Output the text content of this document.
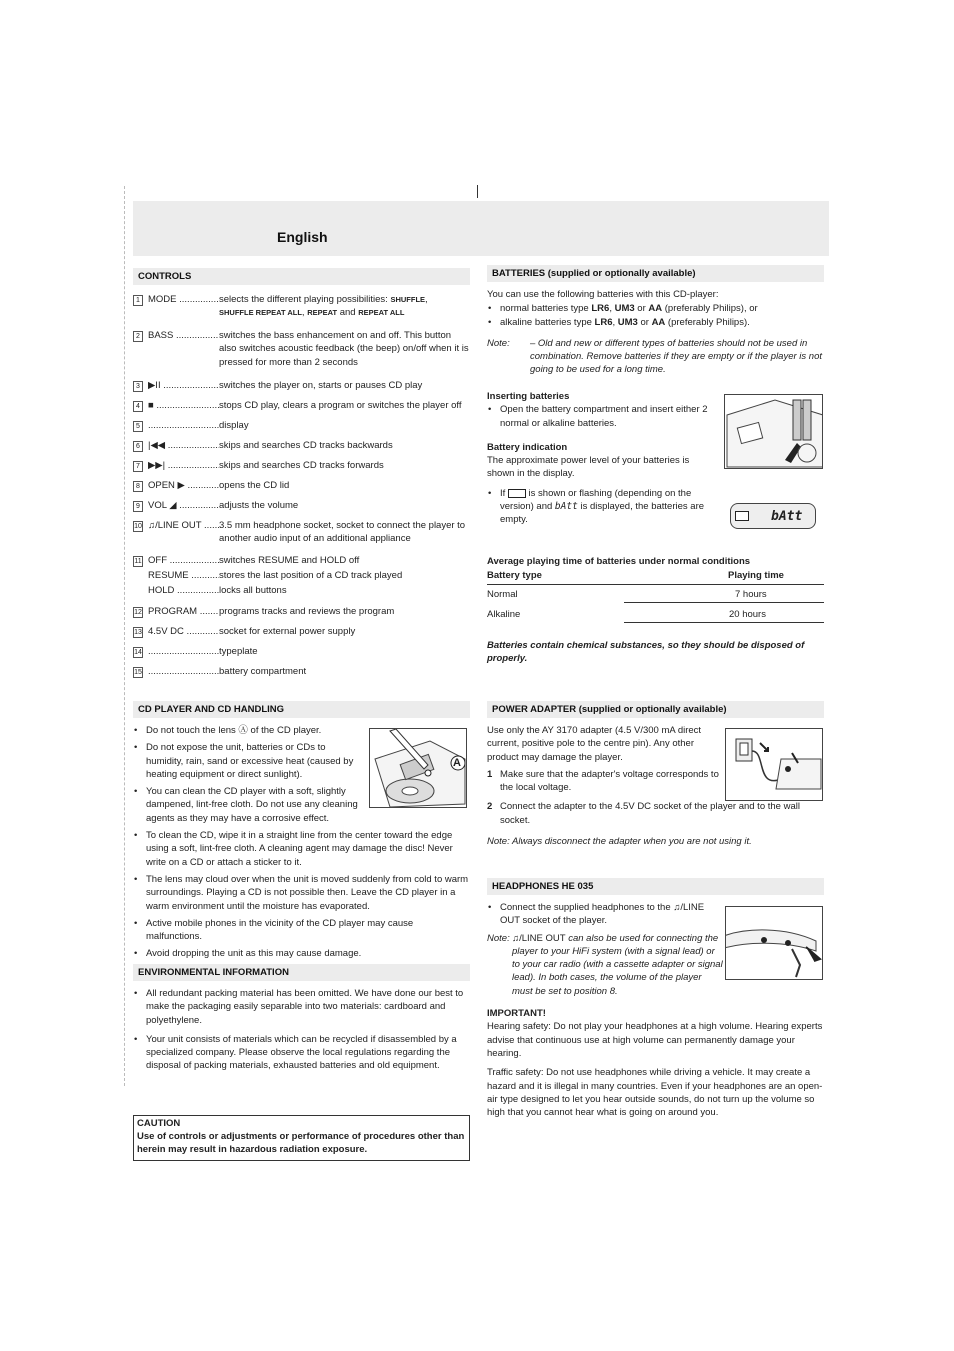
English
CONTROLS
1 MODE .....	selects the different playing possibilities: SHUFFLE,
SHUFFLE REPEAT ALL, REPEAT and REPEAT ALL
2 BASS .....	switches the bass enhancement on and off. This button also switches acoustic feedback (the beep) on/off when it is pressed for more than 2 seconds
3 ▶II .....	switches the player on, starts or pauses CD play
4 ■ .....	stops CD play, clears a program or switches the player off
5 .....	display
6 |◀◀ .....	skips and searches CD tracks backwards
7 ▶▶| .....	skips and searches CD tracks forwards
8 OPEN ▶ .....	opens the CD lid
9 VOL ◢ .....	adjusts the volume
10 ♫/LINE OUT .....	3.5 mm headphone socket, socket to connect the player to another audio input of an additional appliance
11 OFF .....	switches RESUME and HOLD off
RESUME .....	stores the last position of a CD track played
HOLD .....	locks all buttons
12 PROGRAM .....	programs tracks and reviews the program
13 4.5V DC .....	socket for external power supply
14 .....	typeplate
15 .....	battery compartment
CD PLAYER AND CD HANDLING
• Do not touch the lens Ⓐ of the CD player.
• Do not expose the unit, batteries or CDs to humidity, rain, sand or excessive heat (caused by heating equipment or direct sunlight).
• You can clean the CD player with a soft, slightly dampened, lint-free cloth. Do not use any cleaning agents as they may have a corrosive effect.
• To clean the CD, wipe it in a straight line from the center toward the edge using a soft, lint-free cloth. A cleaning agent may damage the disc! Never write on a CD or attach a sticker to it.
• The lens may cloud over when the unit is moved suddenly from cold to warm surroundings. Playing a CD is not possible then. Leave the CD player in a warm environment until the moisture has evaporated.
• Active mobile phones in the vicinity of the CD player may cause malfunctions.
• Avoid dropping the unit as this may cause damage.
A
ENVIRONMENTAL INFORMATION
• All redundant packing material has been omitted. We have done our best to make the packaging easily separable into two materials: cardboard and polyethylene.
• Your unit consists of materials which can be recycled if disassembled by a specialized company. Please observe the local regulations regarding the disposal of packing materials, exhausted batteries and old equipment.
CAUTION
Use of controls or adjustments or performance of procedures other than herein may result in hazardous radiation exposure.
BATTERIES (supplied or optionally available)
You can use the following batteries with this CD-player:
• normal batteries type LR6, UM3 or AA (preferably Philips), or
• alkaline batteries type LR6, UM3 or AA (preferably Philips).
Note: – Old and new or different types of batteries should not be used in combination. Remove batteries if they are empty or if the player is not going to be used for a long time.
Inserting batteries
• Open the battery compartment and insert either 2 normal or alkaline batteries.
Battery indication
The approximate power level of your batteries is shown in the display.
• If  is shown or flashing (depending on the version) and bAtt is displayed, the batteries are empty.	bAtt
Average playing time of batteries under normal conditions
Battery type	Playing time
Normal	7 hours
Alkaline	20 hours
Batteries contain chemical substances, so they should be disposed of properly.
POWER ADAPTER (supplied or optionally available)
Use only the AY 3170 adapter (4.5 V/300 mA direct current, positive pole to the centre pin). Any other product may damage the player.
1 Make sure that the adapter's voltage corresponds to the local voltage.
2 Connect the adapter to the 4.5V DC socket of the player and to the wall socket.
Note: Always disconnect the adapter when you are not using it.
HEADPHONES HE 035
• Connect the supplied headphones to the ♫/LINE OUT socket of the player.
Note: ♫/LINE OUT can also be used for connecting the player to your HiFi system (with a signal lead) or to your car radio (with a cassette adapter or signal lead). In both cases, the volume of the player must be set to position 8.
IMPORTANT!
Hearing safety: Do not play your headphones at a high volume. Hearing experts advise that continuous use at high volume can permanently damage your hearing.
Traffic safety: Do not use headphones while driving a vehicle. It may create a hazard and it is illegal in many countries. Even if your headphones are an open-air type designed to let you hear outside sounds, do not turn up the volume so high that you cannot hear what is going on around you.
